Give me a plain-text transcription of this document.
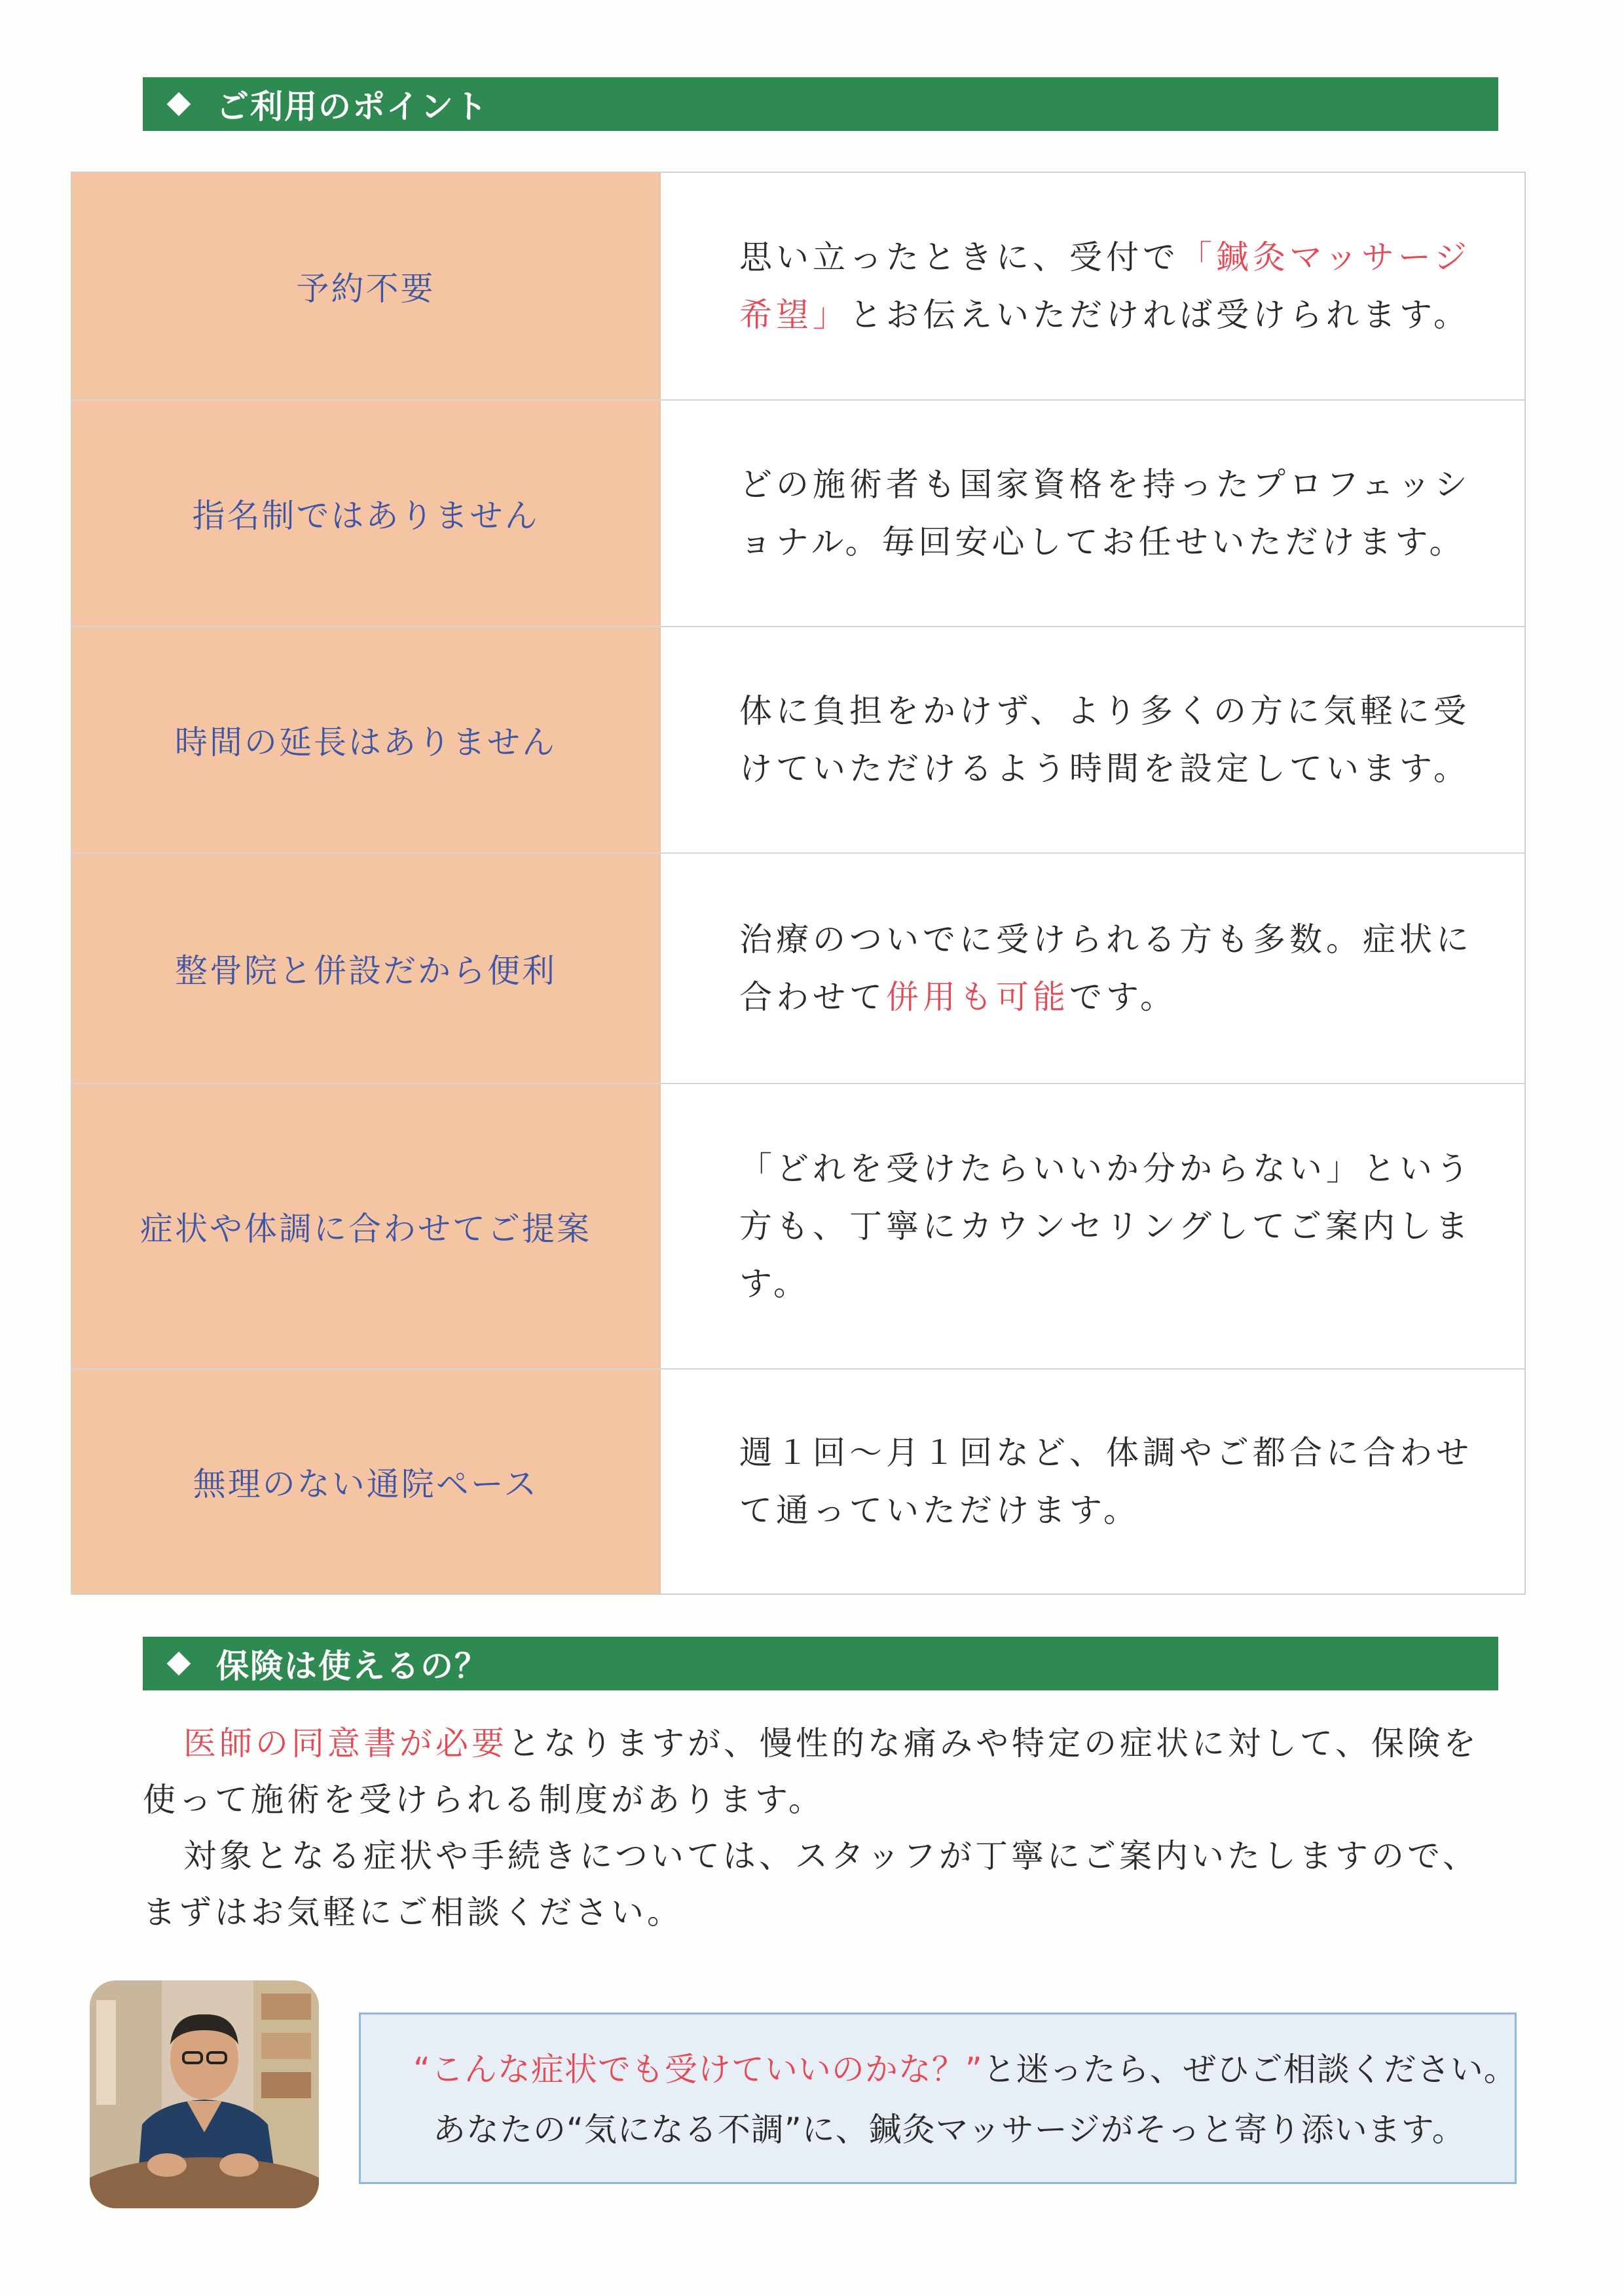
ご利用のポイント
予約不要

思い立ったときに、受付で「鍼灸マッサージ
希望」とお伝えいただければ受けられます。

指名制ではありません

どの施術者も国家資格を持ったプロフェッシ
ョナル。毎回安心してお任せいただけます。

時間の延長はありません

体に負担をかけず、より多くの方に気軽に受
けていただけるよう時間を設定しています。

整骨院と併設だから便利

治療のついでに受けられる方も多数。症状に
合わせて併用も可能です。

症状や体調に合わせてご提案

「どれを受けたらいいか分からない」という
方も、丁寧にカウンセリングしてご案内しま
す。

無理のない通院ペース

週１回～月１回など、体調やご都合に合わせ
て通っていただけます。

保険は使えるの？

医師の同意書が必要となりますが、慢性的な痛みや特定の症状に対して、保険を使って施術を受けられる制度があります。

対象となる症状や手続きについては、スタッフが丁寧にご案内いたしますので、まずはお気軽にご相談ください。

“こんな症状でも受けていいのかな？”と迷ったら、ぜひご相談ください。
あなたの“気になる不調”に、鍼灸マッサージがそっと寄り添います。
